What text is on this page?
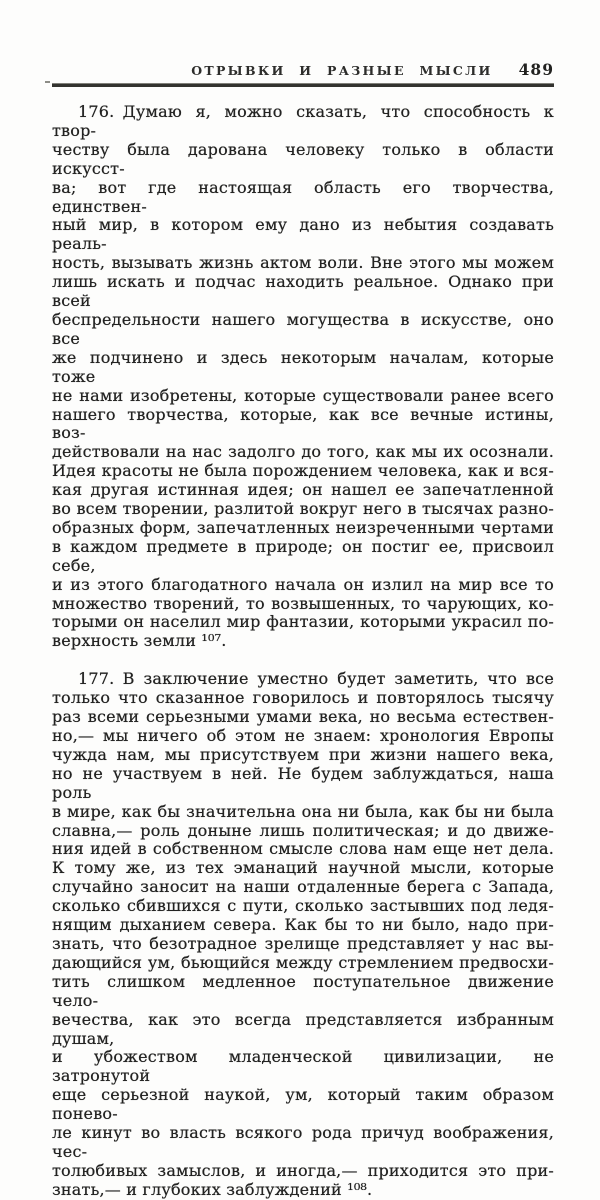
ОТРЫВКИ И РАЗНЫЕ МЫСЛИ 489
176. Думаю я, можно сказать, что способность к твор-
честву была дарована человеку только в области искусст-
ва; вот где настоящая область его творчества, единствен-
ный мир, в котором ему дано из небытия создавать реаль-
ность, вызывать жизнь актом воли. Вне этого мы можем
лишь искать и подчас находить реальное. Однако при всей
беспредельности нашего могущества в искусстве, оно все
же подчинено и здесь некоторым началам, которые тоже
не нами изобретены, которые существовали ранее всего
нашего творчества, которые, как все вечные истины, воз-
действовали на нас задолго до того, как мы их осознали.
Идея красоты не была порождением человека, как и вся-
кая другая истинная идея; он нашел ее запечатленной
во всем творении, разлитой вокруг него в тысячах разно-
образных форм, запечатленных неизреченными чертами
в каждом предмете в природе; он постиг ее, присвоил себе,
и из этого благодатного начала он излил на мир все то
множество творений, то возвышенных, то чарующих, ко-
торыми он населил мир фантазии, которыми украсил по-
верхность земли ¹⁰⁷.
177. В заключение уместно будет заметить, что все
только что сказанное говорилось и повторялось тысячу
раз всеми серьезными умами века, но весьма естествен-
но,— мы ничего об этом не знаем: хронология Европы
чужда нам, мы присутствуем при жизни нашего века,
но не участвуем в ней. Не будем заблуждаться, наша роль
в мире, как бы значительна она ни была, как бы ни была
славна,— роль доныне лишь политическая; и до движе-
ния идей в собственном смысле слова нам еще нет дела.
К тому же, из тех эманаций научной мысли, которые
случайно заносит на наши отдаленные берега с Запада,
сколько сбившихся с пути, сколько застывших под ледя-
нящим дыханием севера. Как бы то ни было, надо при-
знать, что безотрадное зрелище представляет у нас вы-
дающийся ум, бьющийся между стремлением предвосхи-
тить слишком медленное поступательное движение чело-
вечества, как это всегда представляется избранным душам,
и убожеством младенческой цивилизации, не затронутой
еще серьезной наукой, ум, который таким образом понево-
ле кинут во власть всякого рода причуд воображения, чес-
толюбивых замыслов, и иногда,— приходится это при-
знать,— и глубоких заблуждений ¹⁰⁸.
